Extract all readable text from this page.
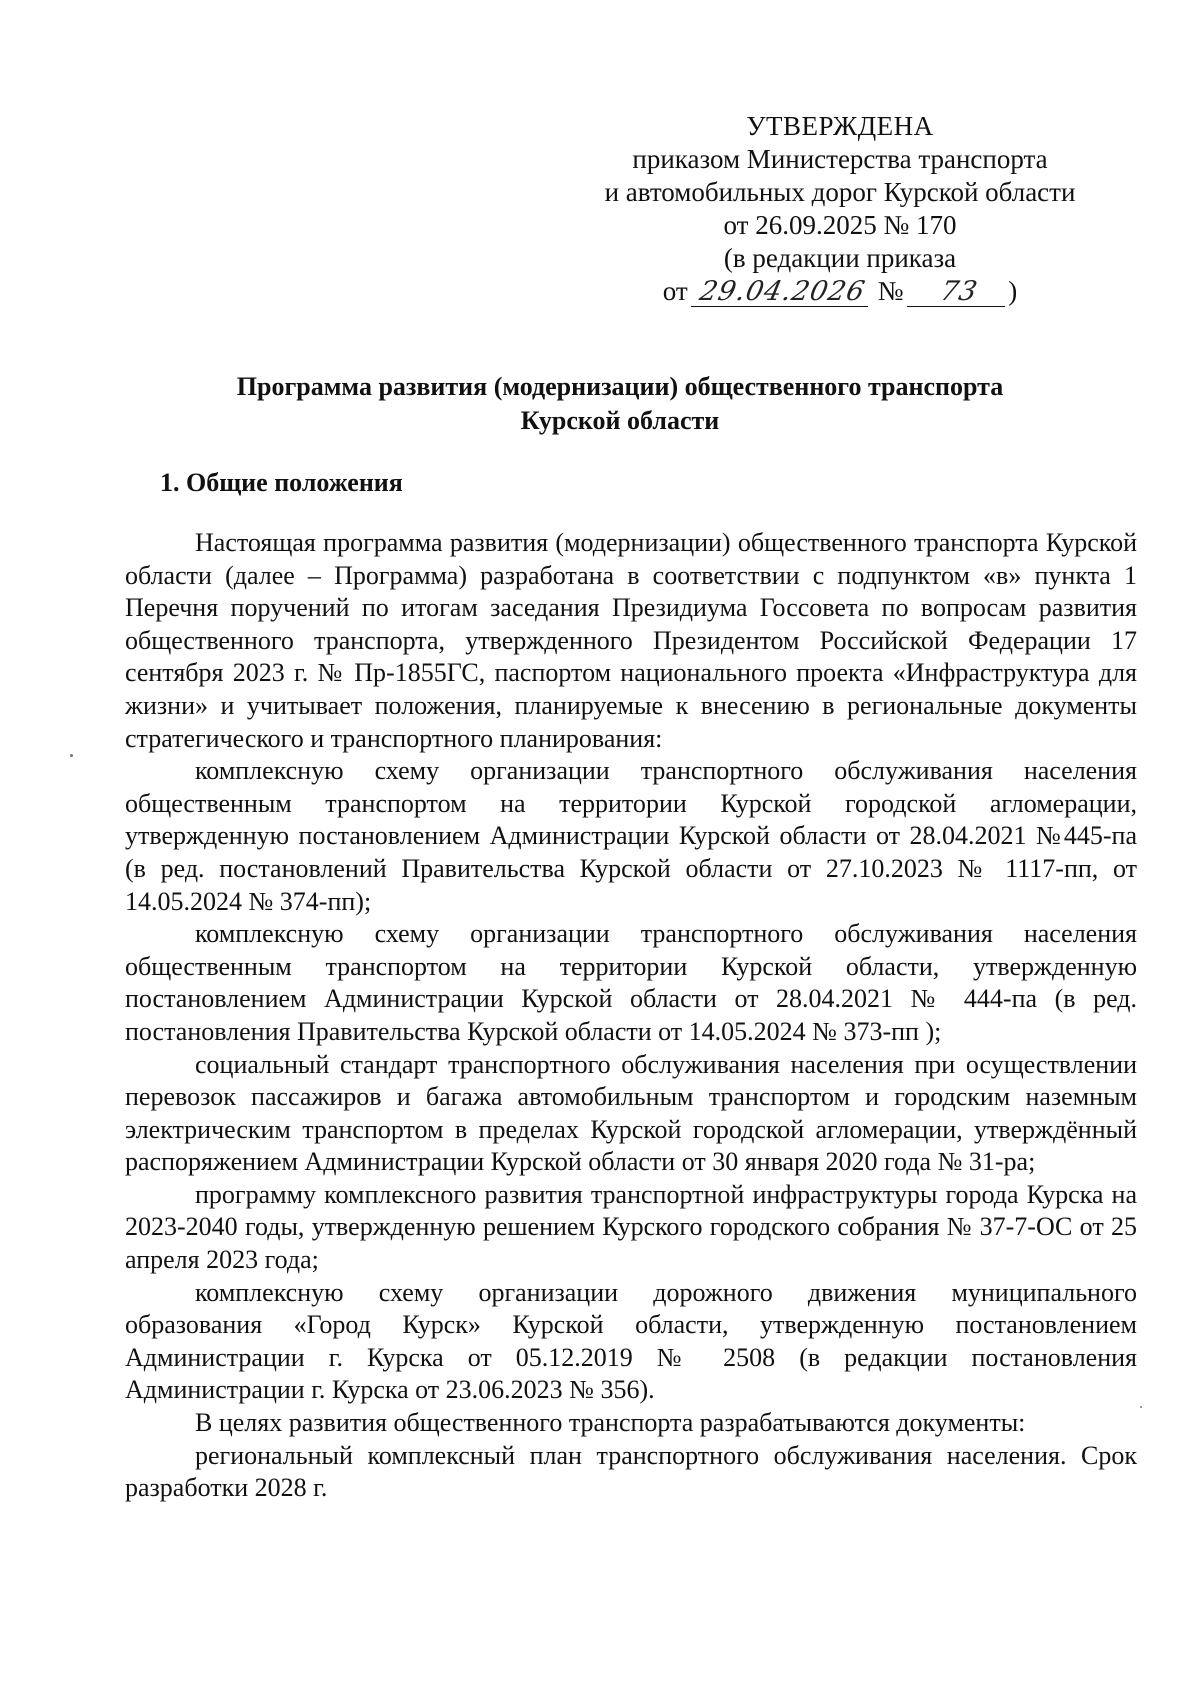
УТВЕРЖДЕНА
приказом Министерства транспорта
и автомобильных дорог Курской области
от 26.09.2025 № 170
(в редакции приказа
от 29.04.2026 № 73 )
Программа развития (модернизации) общественного транспорта
Курской области
1. Общие положения

Настоящая программа развития (модернизации) общественного транспорта Курской области (далее – Программа) разработана в соответствии с подпунктом «в» пункта 1 Перечня поручений по итогам заседания Президиума Госсовета по вопросам развития общественного транспорта, утвержденного Президентом Российской Федерации 17 сентября 2023 г. № Пр-1855ГС, паспортом национального проекта «Инфраструктура для жизни» и учитывает положения, планируемые к внесению в региональные документы стратегического и транспортного планирования:

комплексную схему организации транспортного обслуживания населения общественным транспортом на территории Курской городской агломерации, утвержденную постановлением Администрации Курской области от 28.04.2021 №445-па (в ред. постановлений Правительства Курской области от 27.10.2023 № 1117-пп, от 14.05.2024 № 374-пп);

комплексную схему организации транспортного обслуживания населения общественным транспортом на территории Курской области, утвержденную постановлением Администрации Курской области от 28.04.2021 № 444-па (в ред. постановления Правительства Курской области от 14.05.2024 № 373-пп );

социальный стандарт транспортного обслуживания населения при осуществлении перевозок пассажиров и багажа автомобильным транспортом и городским наземным электрическим транспортом в пределах Курской городской агломерации, утверждённый распоряжением Администрации Курской области от 30 января 2020 года № 31-ра;

программу комплексного развития транспортной инфраструктуры города Курска на 2023-2040 годы, утвержденную решением Курского городского собрания № 37-7-ОС от 25 апреля 2023 года;

комплексную схему организации дорожного движения муниципального образования «Город Курск» Курской области, утвержденную постановлением Администрации г. Курска от 05.12.2019 № 2508 (в редакции постановления Администрации г. Курска от 23.06.2023 № 356).

В целях развития общественного транспорта разрабатываются документы:

региональный комплексный план транспортного обслуживания населения. Срок разработки 2028 г.
